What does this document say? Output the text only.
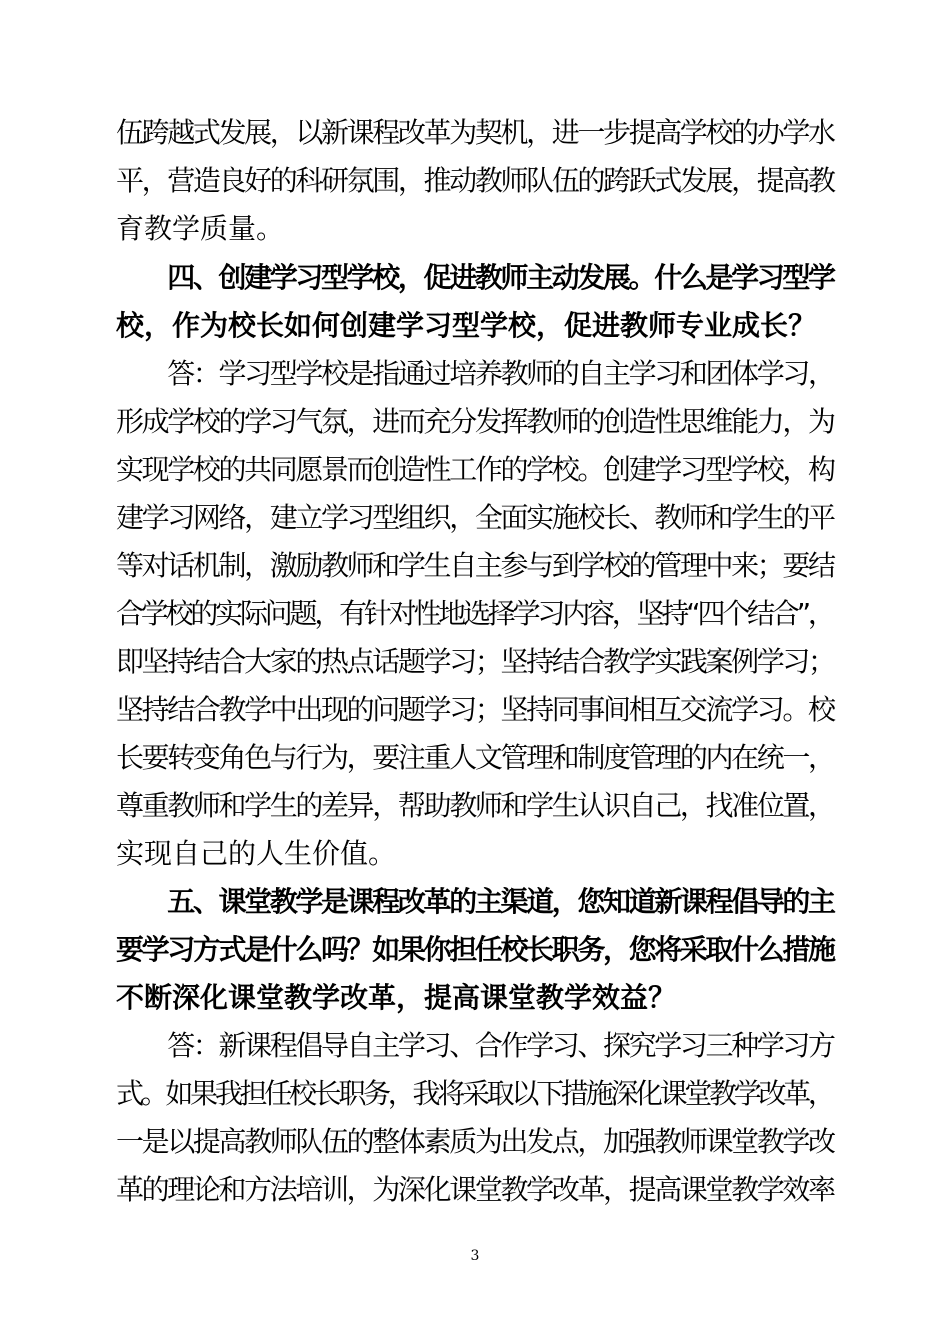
伍跨越式发展，以新课程改革为契机，进一步提高学校的办学水
平，营造良好的科研氛围，推动教师队伍的跨跃式发展，提高教
育教学质量。
　　四、创建学习型学校，促进教师主动发展。什么是学习型学
校，作为校长如何创建学习型学校，促进教师专业成长？
　　答：学习型学校是指通过培养教师的自主学习和团体学习，
形成学校的学习气氛，进而充分发挥教师的创造性思维能力，为
实现学校的共同愿景而创造性工作的学校。创建学习型学校，构
建学习网络，建立学习型组织，全面实施校长、教师和学生的平
等对话机制，激励教师和学生自主参与到学校的管理中来；要结
合学校的实际问题，有针对性地选择学习内容，坚持“四个结合”，
即坚持结合大家的热点话题学习；坚持结合教学实践案例学习；
坚持结合教学中出现的问题学习；坚持同事间相互交流学习。校
长要转变角色与行为，要注重人文管理和制度管理的内在统一，
尊重教师和学生的差异，帮助教师和学生认识自己，找准位置，
实现自己的人生价值。
　　五、课堂教学是课程改革的主渠道，您知道新课程倡导的主
要学习方式是什么吗？如果你担任校长职务，您将采取什么措施
不断深化课堂教学改革，提高课堂教学效益？
　　答：新课程倡导自主学习、合作学习、探究学习三种学习方
式。如果我担任校长职务，我将采取以下措施深化课堂教学改革，
一是以提高教师队伍的整体素质为出发点，加强教师课堂教学改
革的理论和方法培训，为深化课堂教学改革，提高课堂教学效率
3
